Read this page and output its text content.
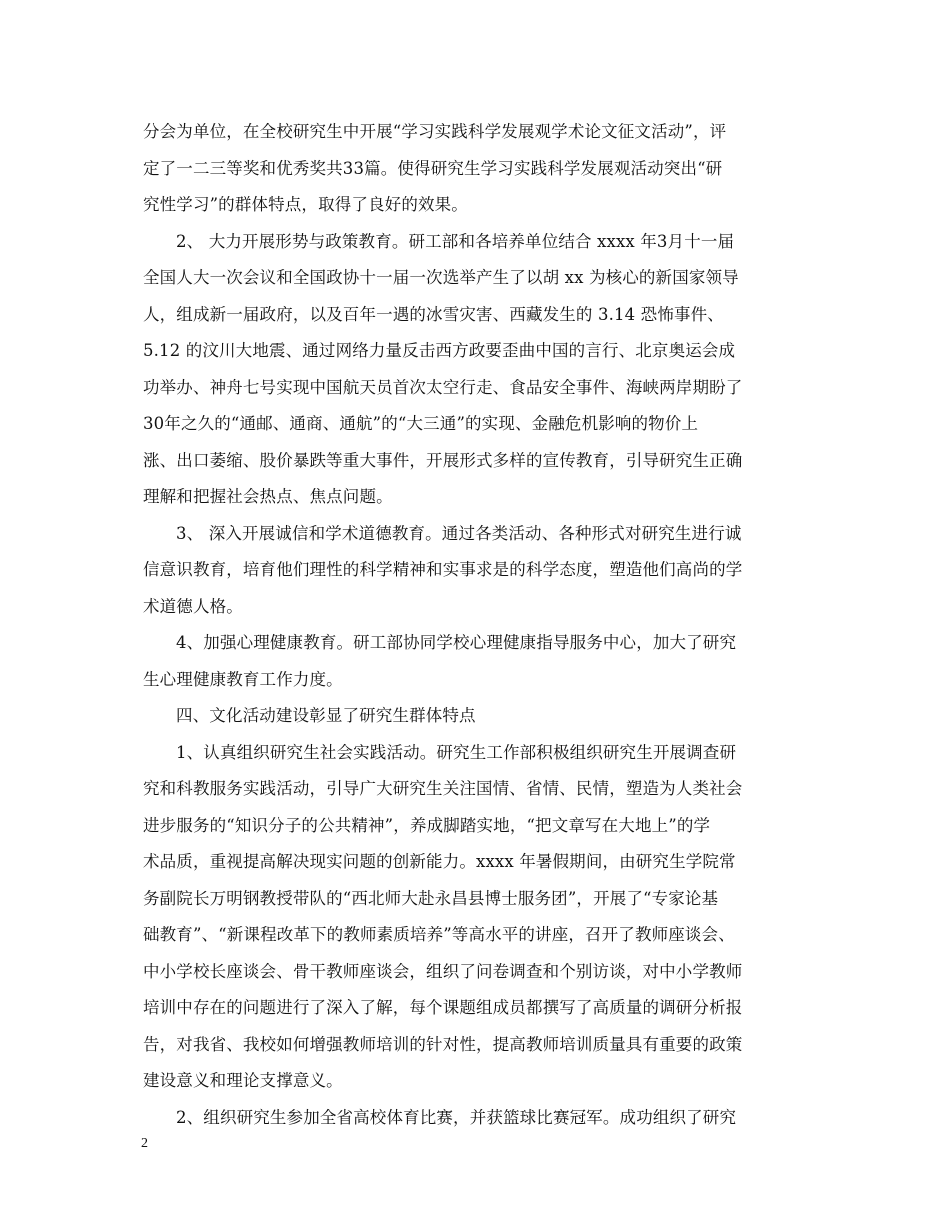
分会为单位，在全校研究生中开展“学习实践科学发展观学术论文征文活动”，评
定了一二三等奖和优秀奖共33篇。使得研究生学习实践科学发展观活动突出“研
究性学习”的群体特点，取得了良好的效果。
2、 大力开展形势与政策教育。研工部和各培养单位结合 xxxx 年3月十一届
全国人大一次会议和全国政协十一届一次选举产生了以胡 xx 为核心的新国家领导
人，组成新一届政府，以及百年一遇的冰雪灾害、西藏发生的 3.14 恐怖事件、
5.12 的汶川大地震、通过网络力量反击西方政要歪曲中国的言行、北京奥运会成
功举办、神舟七号实现中国航天员首次太空行走、食品安全事件、海峡两岸期盼了
30年之久的“通邮、通商、通航”的“大三通”的实现、金融危机影响的物价上
涨、出口萎缩、股价暴跌等重大事件，开展形式多样的宣传教育，引导研究生正确
理解和把握社会热点、焦点问题。
3、 深入开展诚信和学术道德教育。通过各类活动、各种形式对研究生进行诚
信意识教育，培育他们理性的科学精神和实事求是的科学态度，塑造他们高尚的学
术道德人格。
4、加强心理健康教育。研工部协同学校心理健康指导服务中心，加大了研究
生心理健康教育工作力度。
四、文化活动建设彰显了研究生群体特点
1、认真组织研究生社会实践活动。研究生工作部积极组织研究生开展调查研
究和科教服务实践活动，引导广大研究生关注国情、省情、民情，塑造为人类社会
进步服务的“知识分子的公共精神”，养成脚踏实地，“把文章写在大地上”的学
术品质，重视提高解决现实问题的创新能力。xxxx 年暑假期间，由研究生学院常
务副院长万明钢教授带队的“西北师大赴永昌县博士服务团”，开展了“专家论基
础教育”、“新课程改革下的教师素质培养”等高水平的讲座，召开了教师座谈会、
中小学校长座谈会、骨干教师座谈会，组织了问卷调查和个别访谈，对中小学教师
培训中存在的问题进行了深入了解，每个课题组成员都撰写了高质量的调研分析报
告，对我省、我校如何增强教师培训的针对性，提高教师培训质量具有重要的政策
建设意义和理论支撑意义。
2、组织研究生参加全省高校体育比赛，并获篮球比赛冠军。成功组织了研究
2
